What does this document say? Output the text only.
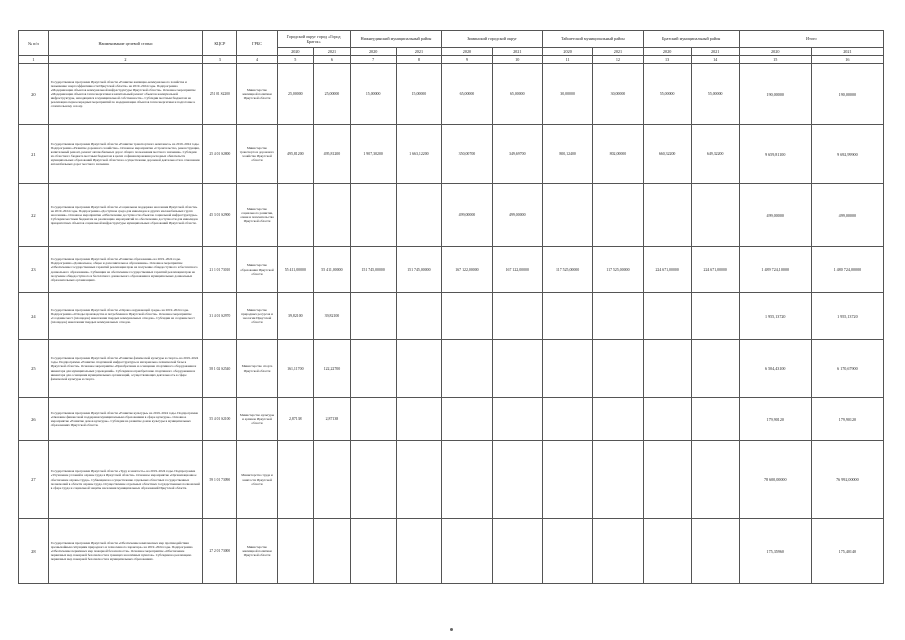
№ п/п	Наименование целевой статьи	КЦСР	ГРБС	Городской округ город «Город Братск»		Нижнеудинский муниципальный район		Зиминский городской округ		Тайшетский муниципальный район		Братский муниципальный район		Итого	
				2020	2021	2020	2021	2020	2021	2020	2021	2020	2021	2020	2021
1	2	3	4	5	6	7	8	9	10	11	12	13	14	15	16
20	Государственная программа Иркутской области «Развитие жилищно-коммунального хозяйства и повышение энергоэффективности Иркутской области» на 2019–2024 годы. Подпрограмма «Модернизация объектов коммунальной инфраструктуры Иркутской области». Основное мероприятие «Модернизация объектов теплоэнергетики и капитальный ремонт объектов коммунальной инфраструктуры, находящихся в муниципальной собственности». Субсидии местным бюджетам на реализацию первоочередных мероприятий по модернизации объектов теплоэнергетики и подготовке к отопительному сезону.	251 01 S2200	Министерство жилищной политики Иркутской области	25,00000	25,00000	15,00000	15,00000	65,00000	65,00000	30,00000	30,00000	55,00000	55,00000	190,00000	190,00000
21	Государственная программа Иркутской области «Развитие транспортного комплекса» на 2019–2024 годы. Подпрограмма «Развитие дорожного хозяйства». Основное мероприятие «Строительство, реконструкция, капитальный ремонт, ремонт автомобильных дорог общего пользования местного значения». Субсидии из областного бюджета местным бюджетам в целях софинансирования расходных обязательств муниципальных образований Иркутской области на осуществление дорожной деятельности в отношении автомобильных дорог местного значения.	25 4 01 S2800	Министерство транспорта и дорожного хозяйства Иркутской области	495,81200	495,81200	1 907,30200	1 663,12200	350,00700	349,69700	800,12400	802,00000	660,32200	649,32200	9 659,81100	9 692,99900
22	Государственная программа Иркутской области «Социальная поддержка населения Иркутской области» на 2019–2024 годы. Подпрограмма «Доступная среда для инвалидов и других маломобильных групп населения». Основное мероприятие «Обеспечение доступности объектов социальной инфраструктуры». Субсидии местным бюджетам на реализацию мероприятий по обеспечению доступности для инвалидов приоритетных объектов социальной инфраструктуры муниципальных образований Иркутской области.	45 3 01 S2900	Министерство социального развития, опеки и попечительства Иркутской области					499,00000	499,00000					499,00000	499,00000
23	Государственная программа Иркутской области «Развитие образования» на 2019–2024 годы. Подпрограмма «Дошкольное, общее и дополнительное образование». Основное мероприятие «Обеспечение государственных гарантий реализации прав на получение общедоступного и бесплатного дошкольного образования». Субвенции на обеспечение государственных гарантий реализации прав на получение общедоступного и бесплатного дошкольного образования в муниципальных дошкольных образовательных организациях.	21 1 01 73010	Министерство образования Иркутской области	55 411,00000	55 411,00000	151 745,00000	151 745,00000	167 122,00000	167 122,00000	117 525,00000	117 525,00000	224 671,00000	224 671,00000	1 489 724,10000	1 480 724,00000
24	Государственная программа Иркутской области «Охрана окружающей среды» на 2019–2024 годы. Подпрограмма «Отходы производства и потребления в Иркутской области». Основное мероприятие «Создание мест (площадок) накопления твердых коммунальных отходов». Субсидии на создание мест (площадок) накопления твердых коммунальных отходов.	31 4 01 S2970	Министерство природных ресурсов и экологии Иркутской области	39,82100	39,82100									1 955,13720	1 955,13720
25	Государственная программа Иркутской области «Развитие физической культуры и спорта» на 2019–2024 годы. Подпрограмма «Развитие спортивной инфраструктуры и материально-технической базы в Иркутской области». Основное мероприятие «Приобретение и оснащение спортивного оборудования и инвентаря для муниципальных учреждений». Субсидии на приобретение спортивного оборудования и инвентаря для оснащения муниципальных организаций, осуществляющих деятельность в сфере физической культуры и спорта.	58 1 02 S2540	Министерство спорта Иркутской области	161,11700	122,22700									6 504,43100	6 170,67900
26	Государственная программа Иркутской области «Развитие культуры» на 2019–2024 годы. Подпрограмма «Оказание финансовой поддержки муниципальным образованиям в сфере культуры». Основное мероприятие «Развитие домов культуры». Субсидии на развитие домов культуры в муниципальных образованиях Иркутской области.	55 4 01 S2100	Министерство культуры и архивов Иркутской области	2,87138	2,87138									179,90120	179,90120
27	Государственная программа Иркутской области «Труд и занятость» на 2019–2024 годы. Подпрограмма «Улучшение условий и охраны труда в Иркутской области». Основное мероприятие «Организационное обеспечение охраны труда». Субвенции на осуществление отдельных областных государственных полномочий в области охраны труда. Осуществление отдельных областных государственных полномочий в сфере труда и социальной защиты населения муниципальных образований Иркутской области.	59 1 01 73090	Министерство труда и занятости Иркутской области											78 600,00000	76 992,00000
28	Государственная программа Иркутской области «Обеспечение комплексных мер противодействия чрезвычайным ситуациям природного и техногенного характера» на 2019–2024 годы. Подпрограмма «Обеспечение первичных мер пожарной безопасности». Основное мероприятие «Обеспечение первичных мер пожарной безопасности в границах населённых пунктов». Субсидии на реализацию первичных мер пожарной безопасности в муниципальных образованиях.	27 2 01 73000	Министерство жилищной политики Иркутской области											175,35960	175,40140
